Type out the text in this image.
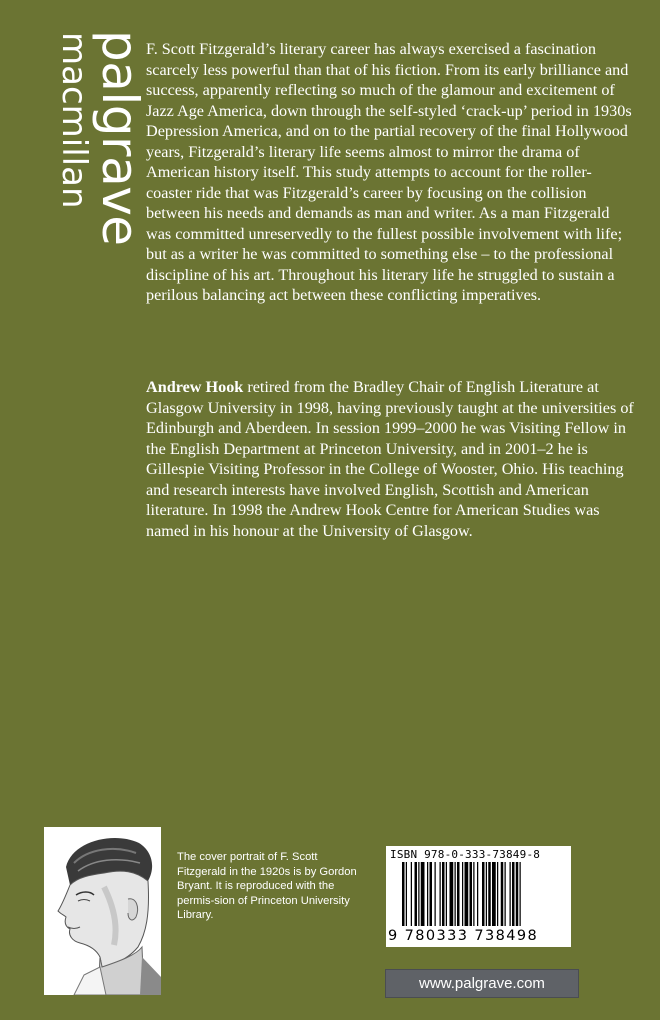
palgrave
macmillan	F. Scott Fitzgerald’s literary career has always exercised a fascination scarcely less powerful than that of his fiction. From its early brilliance and success, apparently reflecting so much of the glamour and excitement of Jazz Age America, down through the self-styled ‘crack-up’ period in 1930s Depression America, and on to the partial recovery of the final Hollywood years, Fitzgerald’s literary life seems almost to mirror the drama of American history itself. This study attempts to account for the roller-coaster ride that was Fitzgerald’s career by focusing on the collision between his needs and demands as man and writer. As a man Fitzgerald was committed unreservedly to the fullest possible involvement with life; but as a writer he was committed to something else – to the professional discipline of his art. Throughout his literary life he struggled to sustain a perilous balancing act between these conflicting imperatives.

Andrew Hook retired from the Bradley Chair of English Literature at Glasgow University in 1998, having previously taught at the universities of Edinburgh and Aberdeen. In session 1999–2000 he was Visiting Fellow in the English Department at Princeton University, and in 2001–2 he is Gillespie Visiting Professor in the College of Wooster, Ohio. His teaching and research interests have involved English, Scottish and American literature. In 1998 the Andrew Hook Centre for American Studies was named in his honour at the University of Glasgow.

The cover portrait of F. Scott Fitzgerald in the 1920s is by Gordon Bryant. It is reproduced with the permis-sion of Princeton University Library.

ISBN 978-0-333-73849-8
9 780333 738498
www.palgrave.com
